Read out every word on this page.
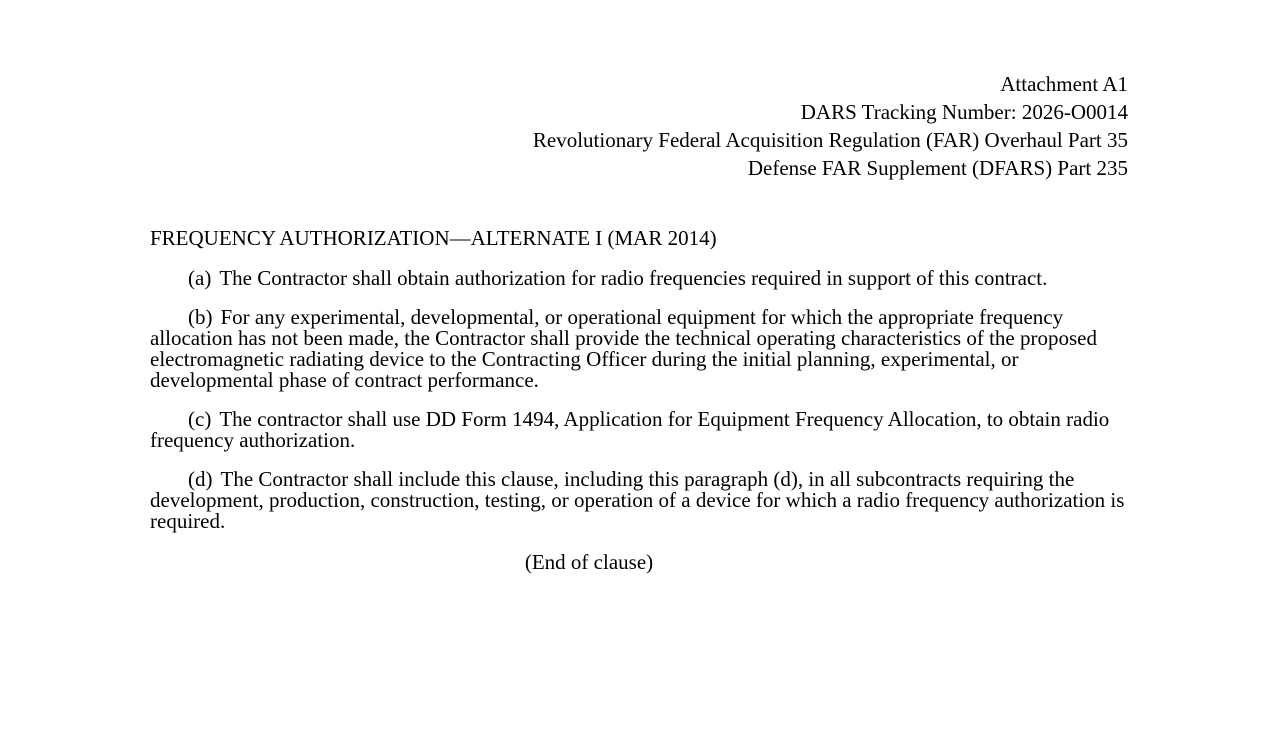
Attachment A1
DARS Tracking Number: 2026-O0014
Revolutionary Federal Acquisition Regulation (FAR) Overhaul Part 35
Defense FAR Supplement (DFARS) Part 235
FREQUENCY AUTHORIZATION—ALTERNATE I (MAR 2014)
(a) The Contractor shall obtain authorization for radio frequencies required in support of this contract.
(b) For any experimental, developmental, or operational equipment for which the appropriate frequency allocation has not been made, the Contractor shall provide the technical operating characteristics of the proposed electromagnetic radiating device to the Contracting Officer during the initial planning, experimental, or developmental phase of contract performance.
(c) The contractor shall use DD Form 1494, Application for Equipment Frequency Allocation, to obtain radio frequency authorization.
(d) The Contractor shall include this clause, including this paragraph (d), in all subcontracts requiring the development, production, construction, testing, or operation of a device for which a radio frequency authorization is required.
(End of clause)
